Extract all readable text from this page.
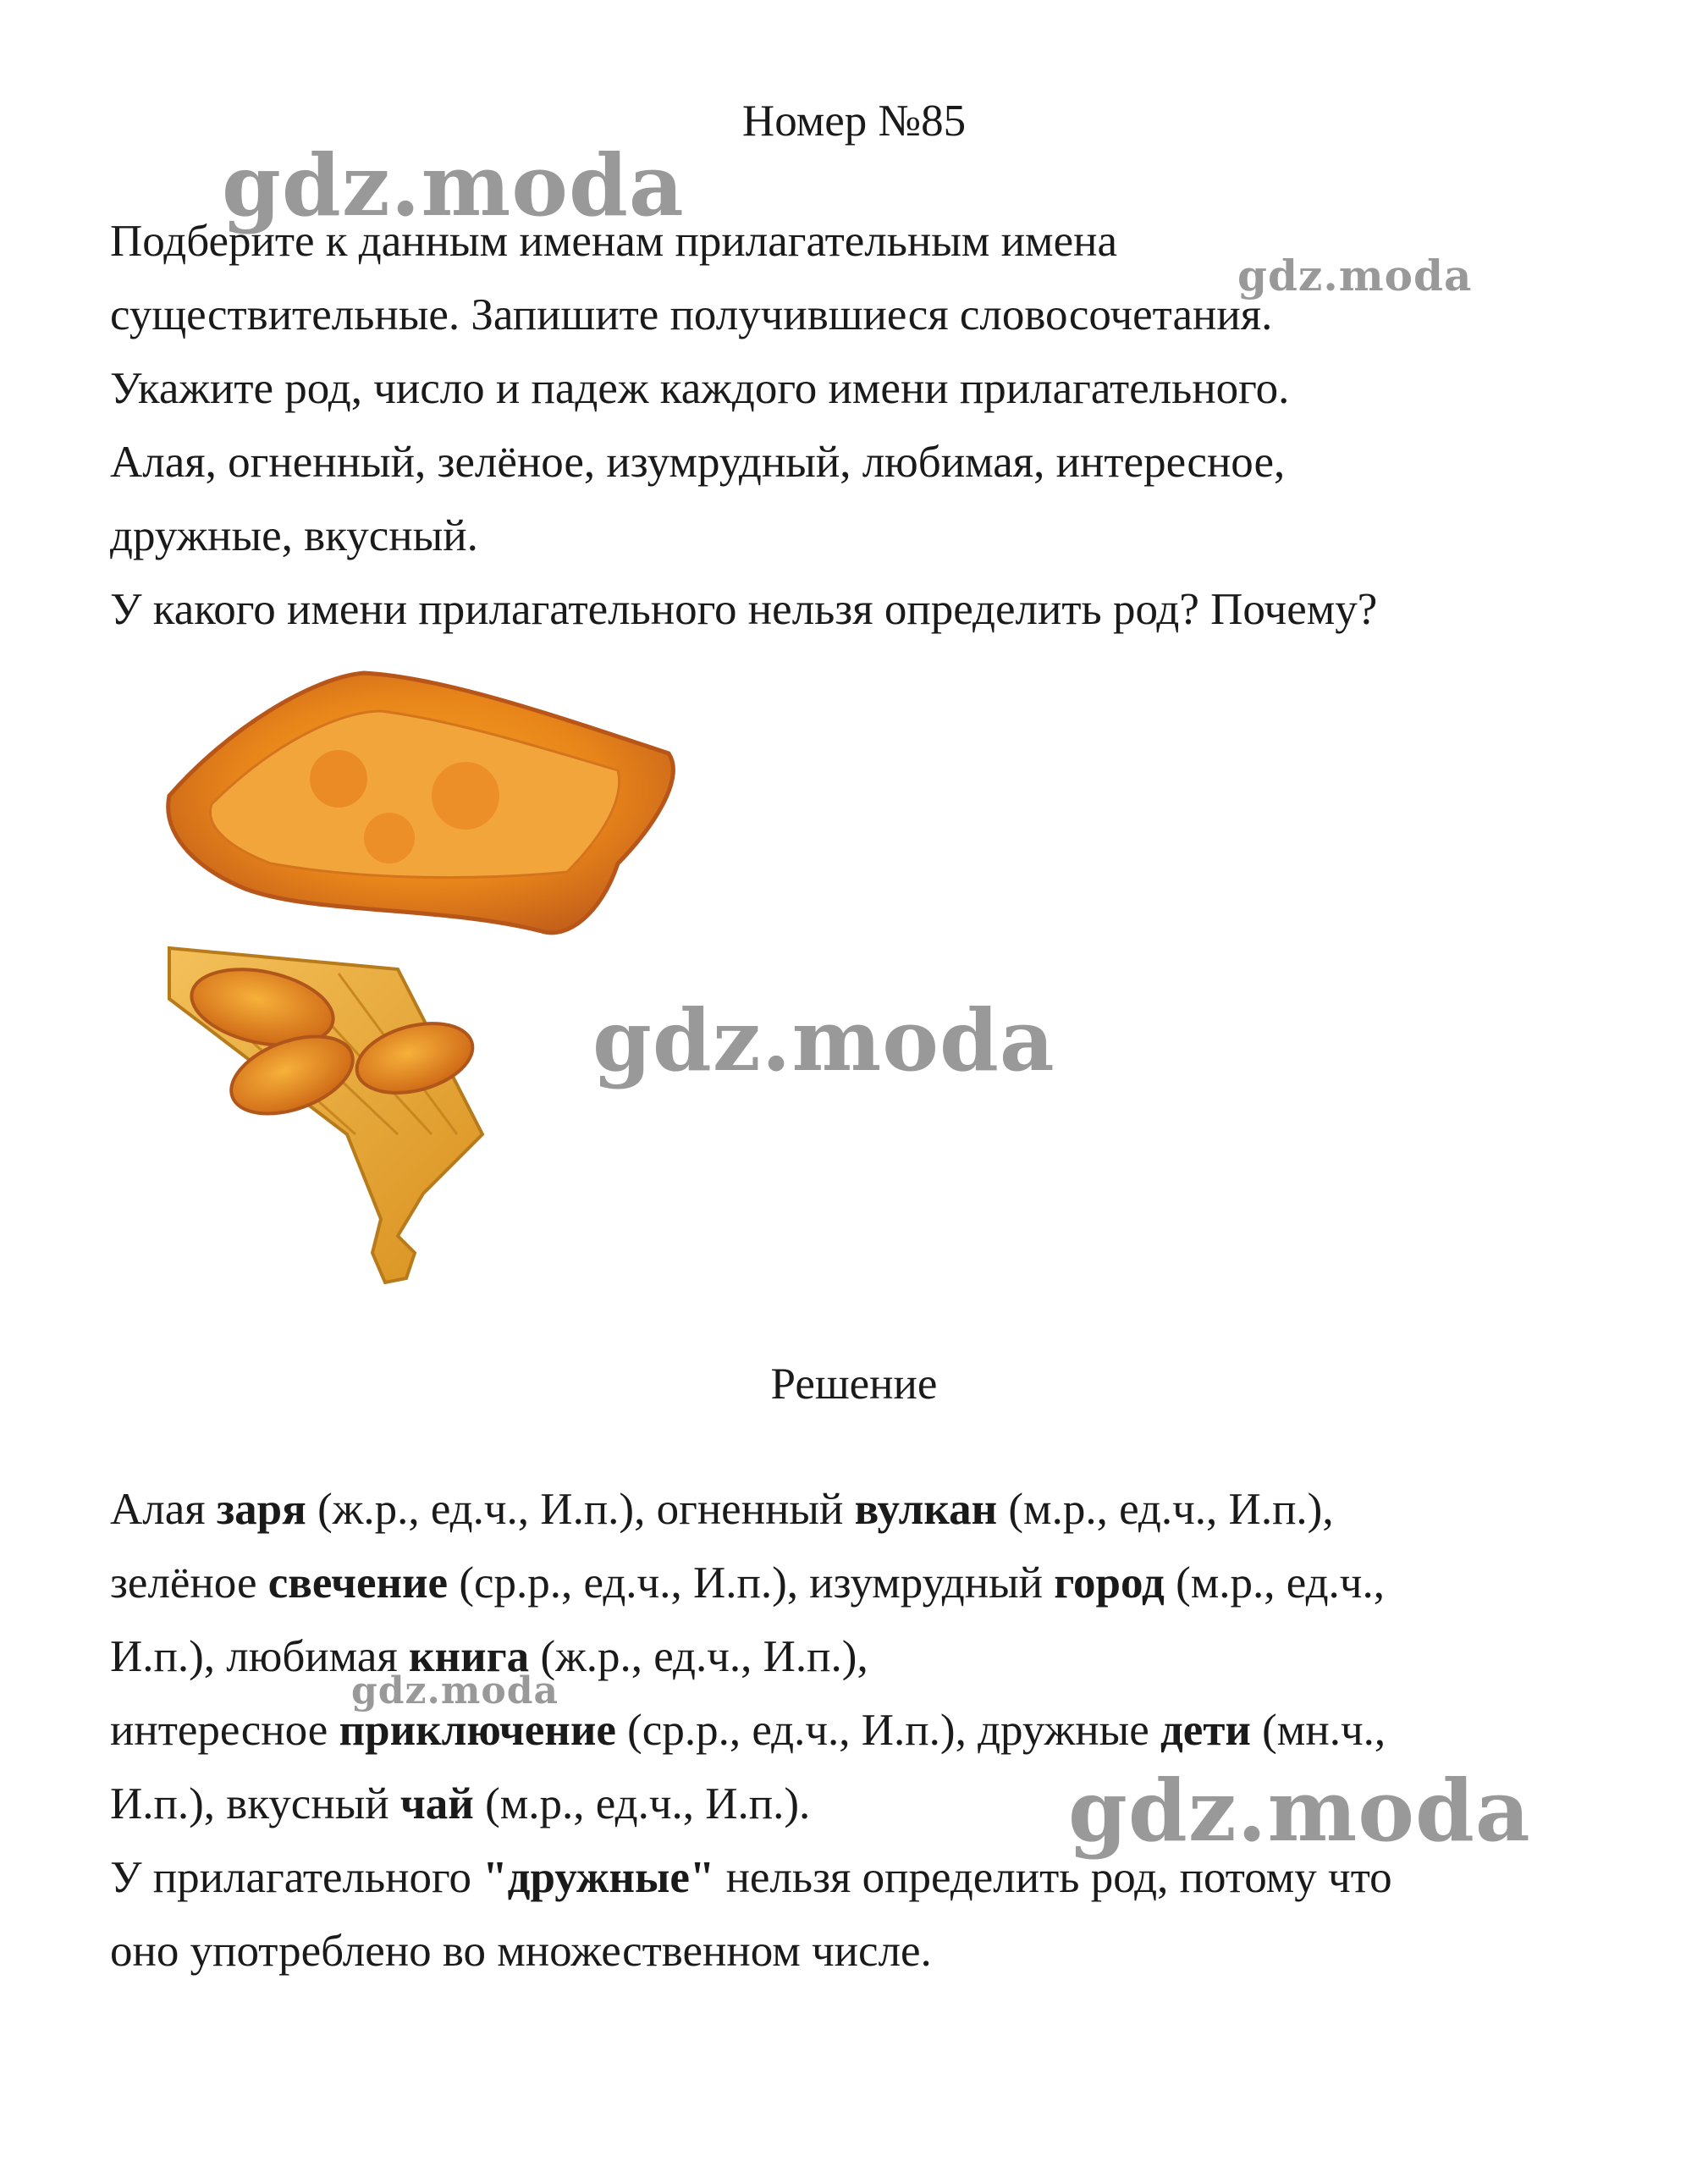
Номер №85
gdz.moda
gdz.moda

Подберите к данным именам прилагательным имена

существительные. Запишите получившиеся словосочетания.

Укажите род, число и падеж каждого имени прилагательного.

Алая, огненный, зелёное, изумрудный, любимая, интересное,

дружные, вкусный.

У какого имени прилагательного нельзя определить род? Почему?

gdz.moda
Решение

Алая заря (ж.р., ед.ч., И.п.), огненный вулкан (м.р., ед.ч., И.п.),

зелёное свечение (ср.р., ед.ч., И.п.), изумрудный город (м.р., ед.ч.,

И.п.), любимая книга (ж.р., ед.ч., И.п.),

интересное приключение (ср.р., ед.ч., И.п.), дружные дети (мн.ч.,

И.п.), вкусный чай (м.р., ед.ч., И.п.).

У прилагательного "дружные" нельзя определить род, потому что

оно употреблено во множественном числе.

gdz.moda
gdz.moda
